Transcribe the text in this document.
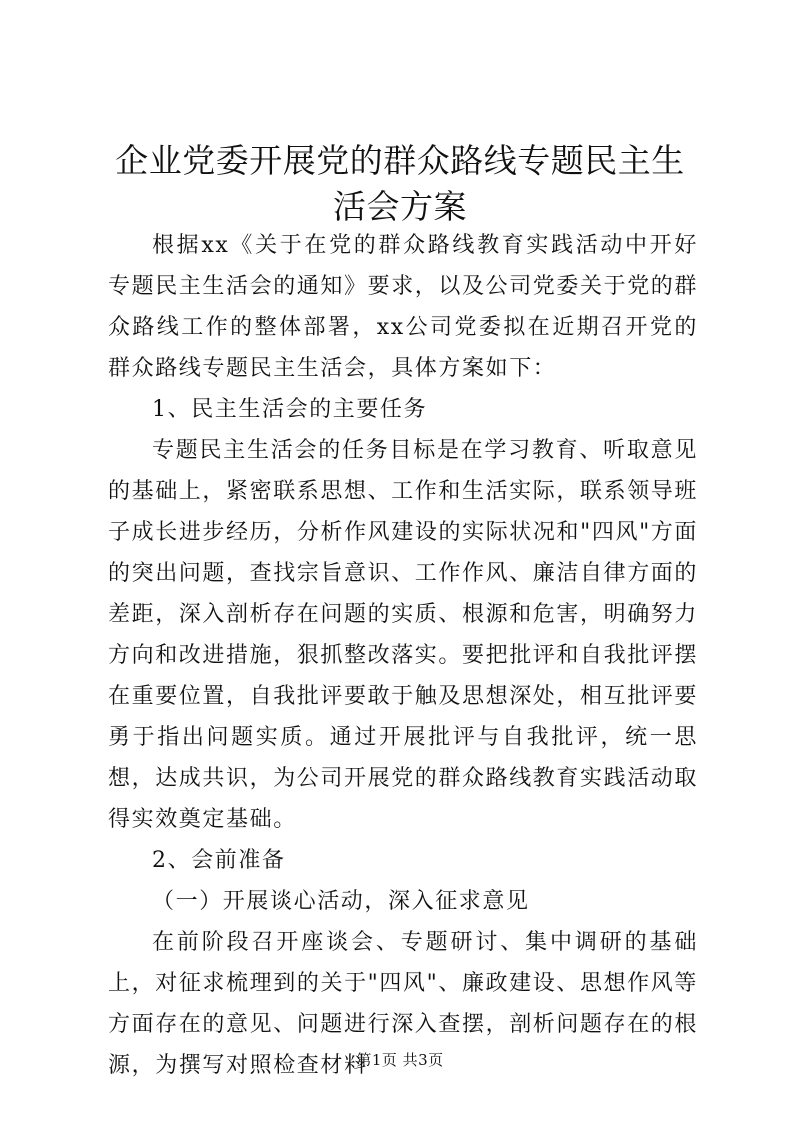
企业党委开展党的群众路线专题民主生活会方案

根据xx《关于在党的群众路线教育实践活动中开好专题民主生活会的通知》要求，以及公司党委关于党的群众路线工作的整体部署，xx公司党委拟在近期召开党的群众路线专题民主生活会，具体方案如下：

1、民主生活会的主要任务

专题民主生活会的任务目标是在学习教育、听取意见的基础上，紧密联系思想、工作和生活实际，联系领导班子成长进步经历，分析作风建设的实际状况和"四风"方面的突出问题，查找宗旨意识、工作作风、廉洁自律方面的差距，深入剖析存在问题的实质、根源和危害，明确努力方向和改进措施，狠抓整改落实。要把批评和自我批评摆在重要位置，自我批评要敢于触及思想深处，相互批评要勇于指出问题实质。通过开展批评与自我批评，统一思想，达成共识，为公司开展党的群众路线教育实践活动取得实效奠定基础。

2、会前准备

（一）开展谈心活动，深入征求意见

在前阶段召开座谈会、专题研讨、集中调研的基础上，对征求梳理到的关于"四风"、廉政建设、思想作风等方面存在的意见、问题进行深入查摆，剖析问题存在的根源，为撰写对照检查材料

第1页 共3页
